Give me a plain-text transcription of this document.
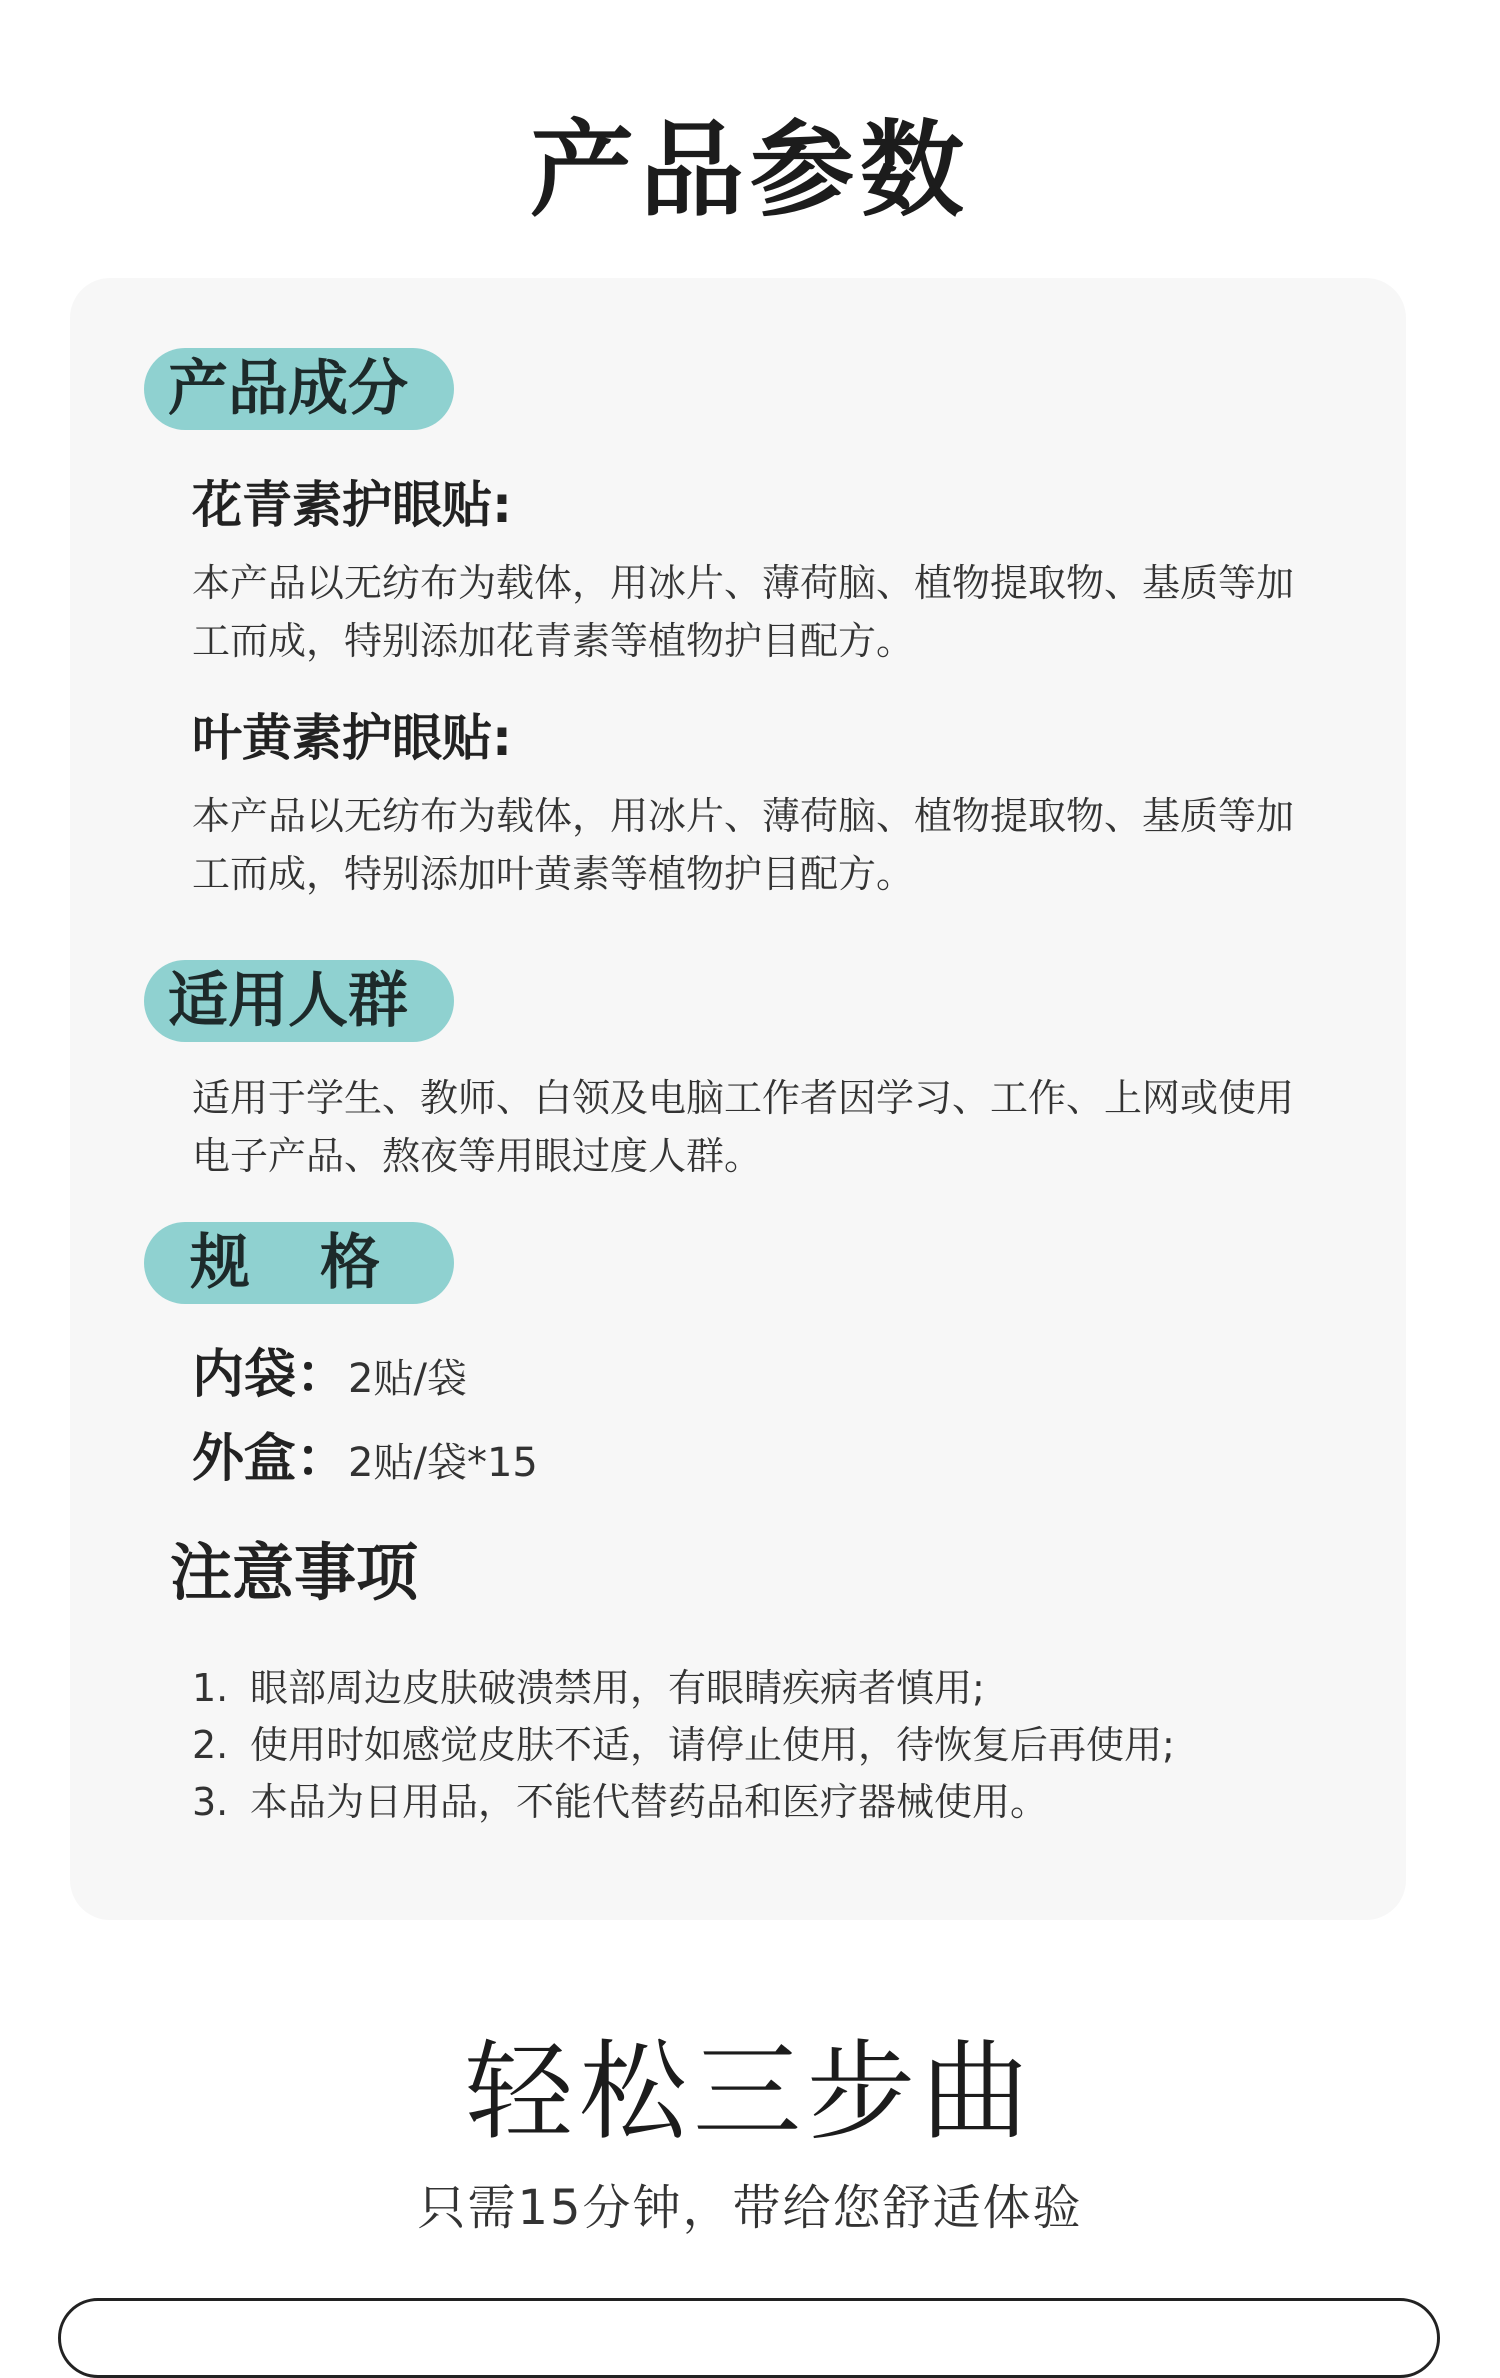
产品参数
产品成分
花青素护眼贴:
本产品以无纺布为载体，用冰片、薄荷脑、植物提取物、基质等加
工而成，特别添加花青素等植物护目配方。
叶黄素护眼贴:
本产品以无纺布为载体，用冰片、薄荷脑、植物提取物、基质等加
工而成，特别添加叶黄素等植物护目配方。
适用人群
适用于学生、教师、白领及电脑工作者因学习、工作、上网或使用
电子产品、熬夜等用眼过度人群。
规格
内袋：2贴/袋
外盒：2贴/袋*15
注意事项
1. 眼部周边皮肤破溃禁用，有眼睛疾病者慎用;
2. 使用时如感觉皮肤不适，请停止使用，待恢复后再使用;
3. 本品为日用品，不能代替药品和医疗器械使用。
轻松三步曲
只需15分钟，带给您舒适体验
